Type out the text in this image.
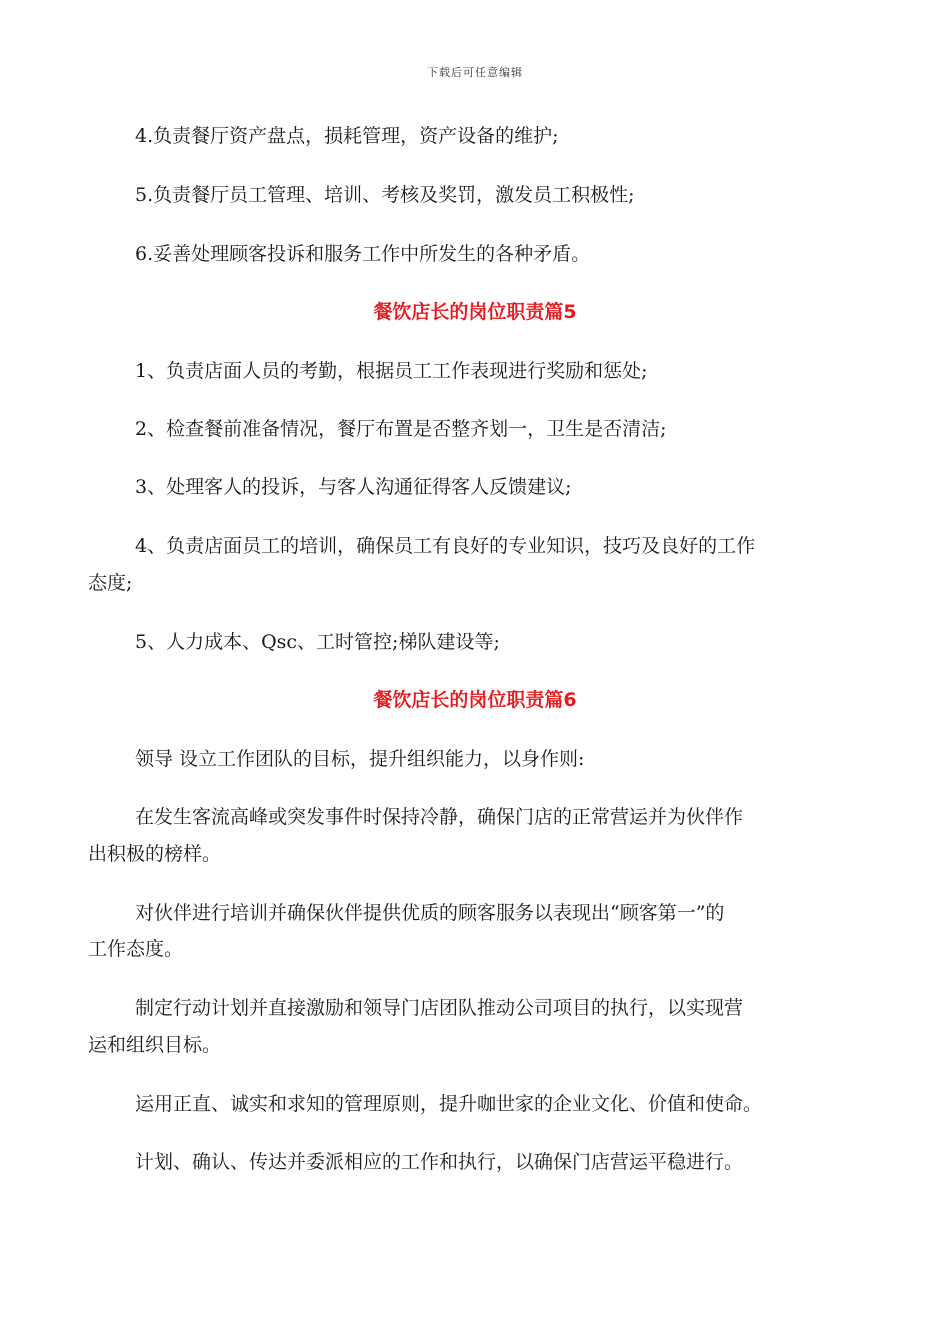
下载后可任意编辑
4.负责餐厅资产盘点，损耗管理，资产设备的维护;
5.负责餐厅员工管理、培训、考核及奖罚，激发员工积极性;
6.妥善处理顾客投诉和服务工作中所发生的各种矛盾。
餐饮店长的岗位职责篇5
1、负责店面人员的考勤，根据员工工作表现进行奖励和惩处;
2、检查餐前准备情况，餐厅布置是否整齐划一，卫生是否清洁;
3、处理客人的投诉，与客人沟通征得客人反馈建议;
4、负责店面员工的培训，确保员工有良好的专业知识，技巧及良好的工作
态度;
5、人力成本、Qsc、工时管控;梯队建设等;
餐饮店长的岗位职责篇6
领导 设立工作团队的目标，提升组织能力，以身作则:
在发生客流高峰或突发事件时保持冷静，确保门店的正常营运并为伙伴作
出积极的榜样。
对伙伴进行培训并确保伙伴提供优质的顾客服务以表现出“顾客第一”的
工作态度。
制定行动计划并直接激励和领导门店团队推动公司项目的执行，以实现营
运和组织目标。
运用正直、诚实和求知的管理原则，提升咖世家的企业文化、价值和使命。
计划、确认、传达并委派相应的工作和执行，以确保门店营运平稳进行。
